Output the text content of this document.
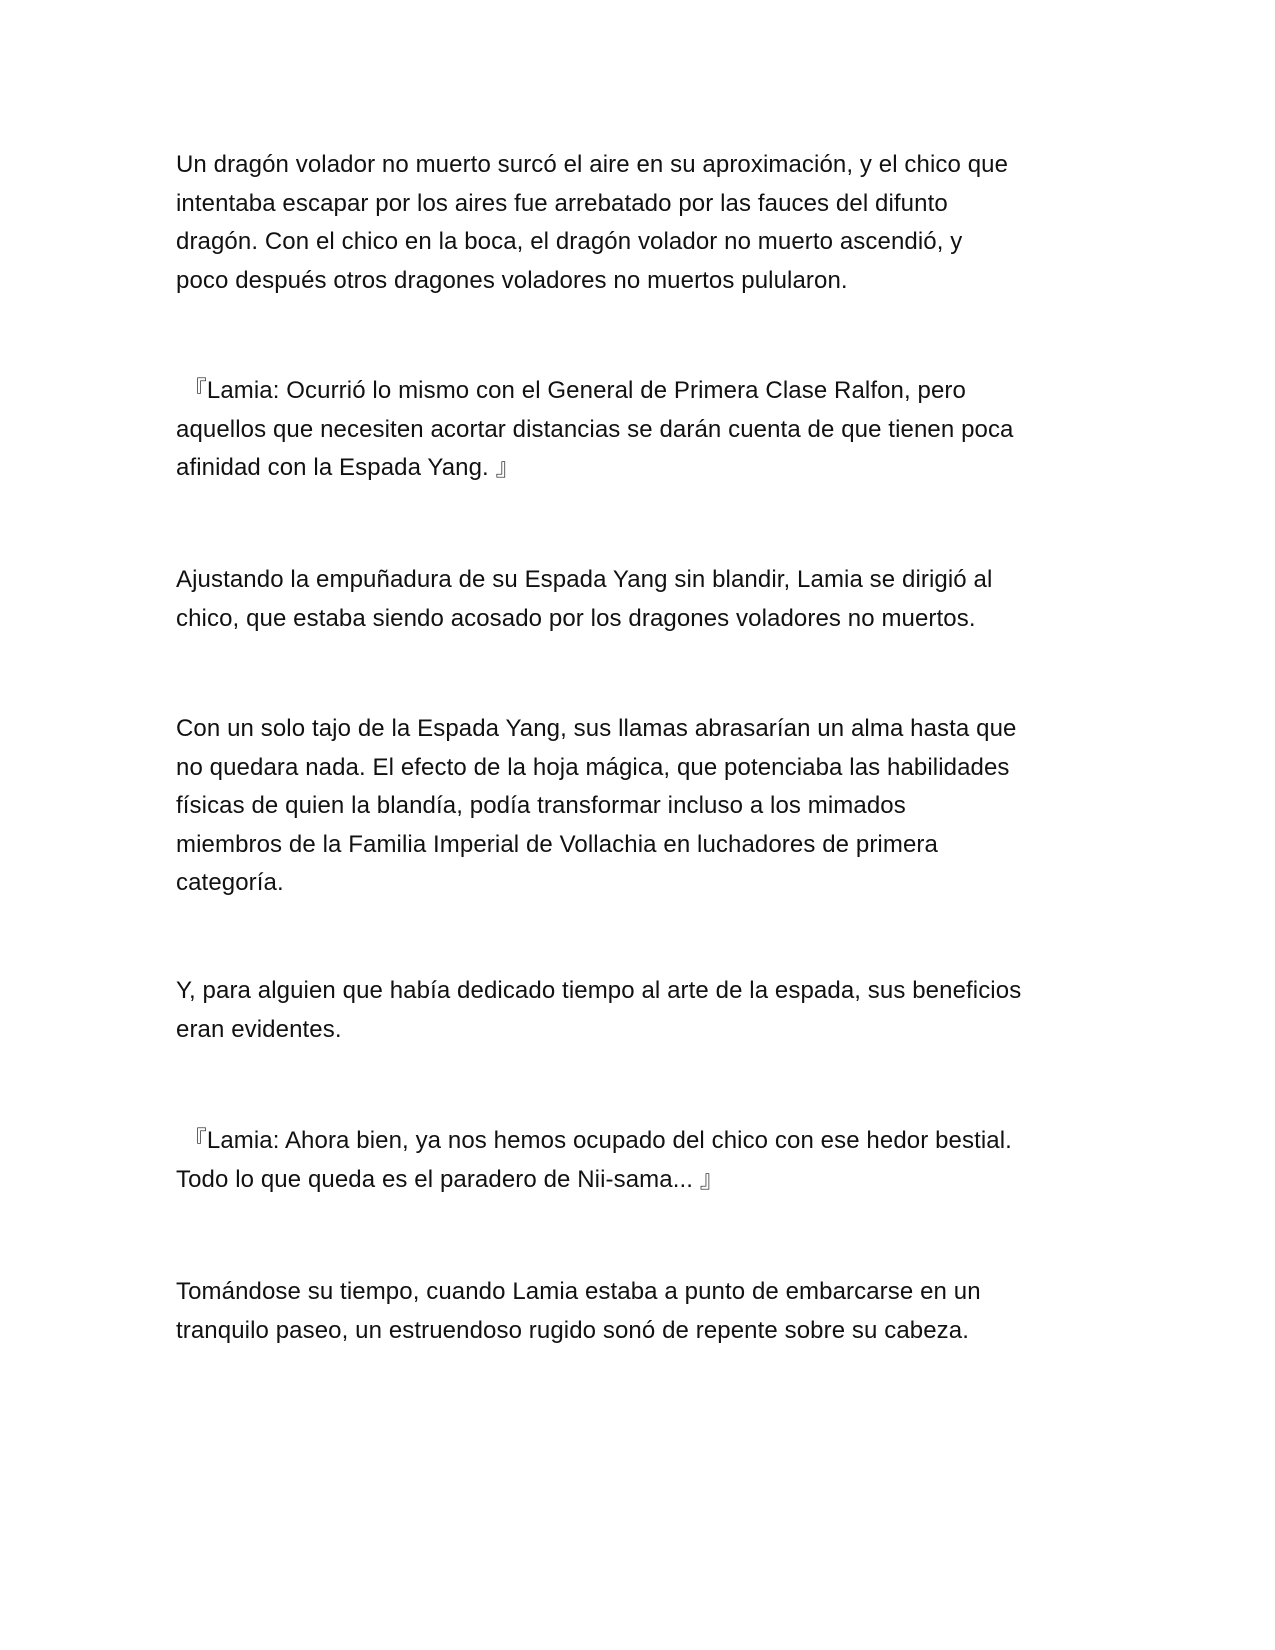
Un dragón volador no muerto surcó el aire en su aproximación, y el chico que
intentaba escapar por los aires fue arrebatado por las fauces del difunto
dragón. Con el chico en la boca, el dragón volador no muerto ascendió, y
poco después otros dragones voladores no muertos pulularon.

『Lamia: Ocurrió lo mismo con el General de Primera Clase Ralfon, pero
aquellos que necesiten acortar distancias se darán cuenta de que tienen poca
afinidad con la Espada Yang. 』

Ajustando la empuñadura de su Espada Yang sin blandir, Lamia se dirigió al
chico, que estaba siendo acosado por los dragones voladores no muertos.

Con un solo tajo de la Espada Yang, sus llamas abrasarían un alma hasta que
no quedara nada. El efecto de la hoja mágica, que potenciaba las habilidades
físicas de quien la blandía, podía transformar incluso a los mimados
miembros de la Familia Imperial de Vollachia en luchadores de primera
categoría.

Y, para alguien que había dedicado tiempo al arte de la espada, sus beneficios
eran evidentes.

『Lamia: Ahora bien, ya nos hemos ocupado del chico con ese hedor bestial.
Todo lo que queda es el paradero de Nii-sama... 』

Tomándose su tiempo, cuando Lamia estaba a punto de embarcarse en un
tranquilo paseo, un estruendoso rugido sonó de repente sobre su cabeza.
